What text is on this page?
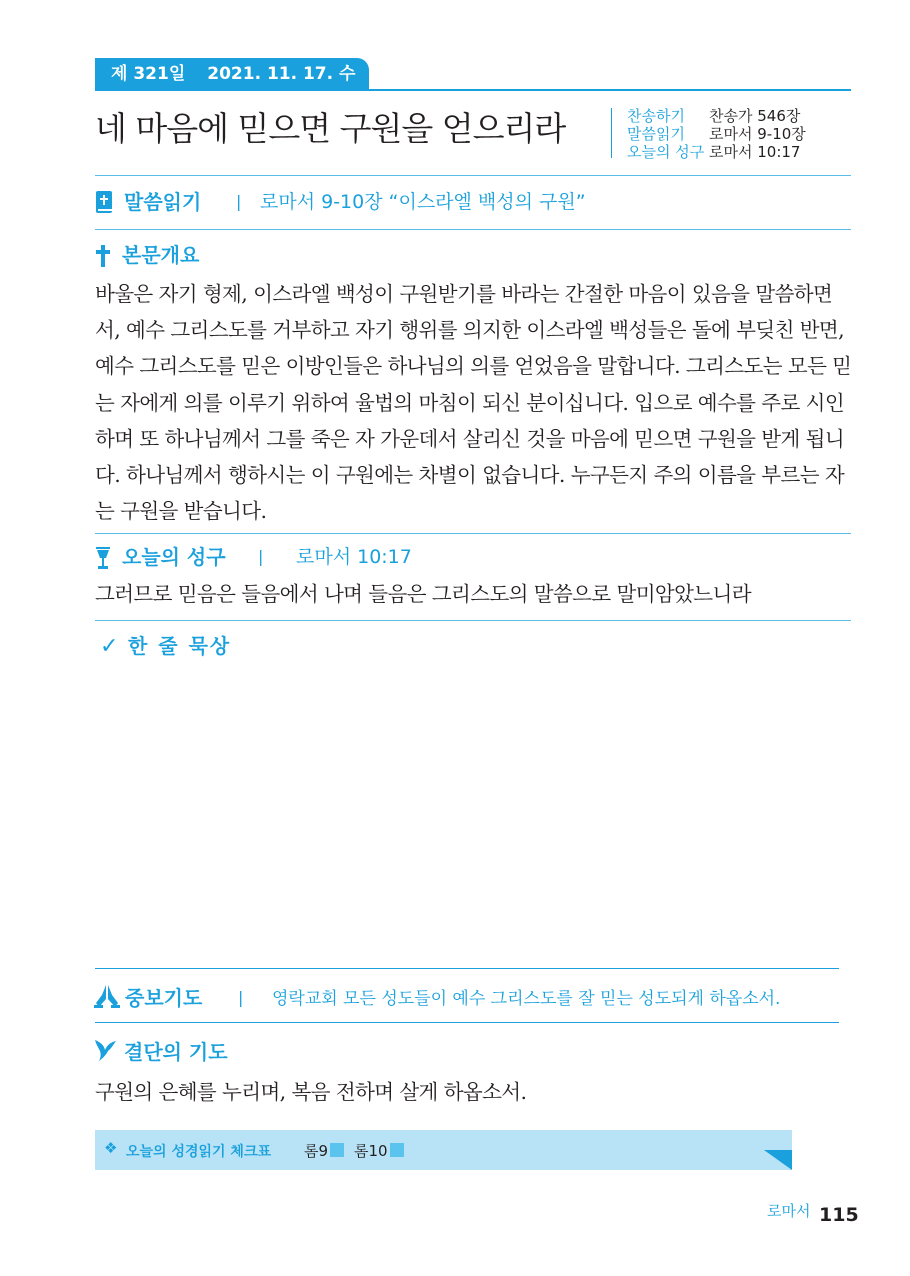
제 321일 2021. 11. 17. 수
네 마음에 믿으면 구원을 얻으리라	찬송하기 찬송가 546장
말씀읽기 로마서 9-10장
오늘의 성구 로마서 10:17
말씀읽기 | 로마서 9-10장 “이스라엘 백성의 구원”
본문개요
바울은 자기 형제, 이스라엘 백성이 구원받기를 바라는 간절한 마음이 있음을 말씀하면서, 예수 그리스도를 거부하고 자기 행위를 의지한 이스라엘 백성들은 돌에 부딪친 반면, 예수 그리스도를 믿은 이방인들은 하나님의 의를 얻었음을 말합니다. 그리스도는 모든 믿는 자에게 의를 이루기 위하여 율법의 마침이 되신 분이십니다. 입으로 예수를 주로 시인하며 또 하나님께서 그를 죽은 자 가운데서 살리신 것을 마음에 믿으면 구원을 받게 됩니다. 하나님께서 행하시는 이 구원에는 차별이 없습니다. 누구든지 주의 이름을 부르는 자는 구원을 받습니다.
오늘의 성구 | 로마서 10:17
그러므로 믿음은 들음에서 나며 들음은 그리스도의 말씀으로 말미암았느니라
✓ 한 줄 묵상
중보기도 | 영락교회 모든 성도들이 예수 그리스도를 잘 믿는 성도되게 하옵소서.
결단의 기도
구원의 은혜를 누리며, 복음 전하며 살게 하옵소서.
❖ 오늘의 성경읽기 체크표 롬9	롬10
로마서 115
